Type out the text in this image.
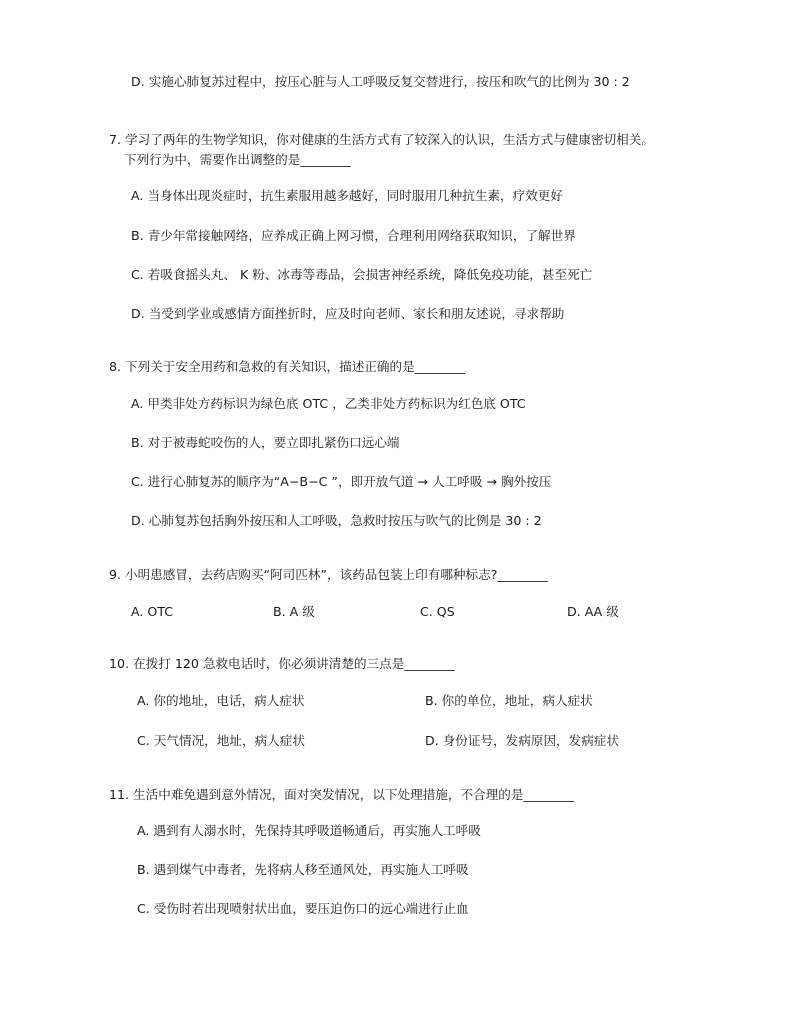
D. 实施心肺复苏过程中，按压心脏与人工呼吸反复交替进行，按压和吹气的比例为 30 : 2
7. 学习了两年的生物学知识，你对健康的生活方式有了较深入的认识，生活方式与健康密切相关。
下列行为中，需要作出调整的是________
A. 当身体出现炎症时，抗生素服用越多越好，同时服用几种抗生素，疗效更好
B. 青少年常接触网络，应养成正确上网习惯，合理利用网络获取知识，了解世界
C. 若吸食摇头丸、 K 粉、冰毒等毒品，会损害神经系统，降低免疫功能，甚至死亡
D. 当受到学业或感情方面挫折时，应及时向老师、家长和朋友述说，寻求帮助
8. 下列关于安全用药和急救的有关知识，描述正确的是________
A. 甲类非处方药标识为绿色底 OTC ，乙类非处方药标识为红色底 OTC
B. 对于被毒蛇咬伤的人，要立即扎紧伤口远心端
C. 进行心肺复苏的顺序为“A−B−C ”，即开放气道 → 人工呼吸 → 胸外按压
D. 心肺复苏包括胸外按压和人工呼吸，急救时按压与吹气的比例是 30 : 2
9. 小明患感冒，去药店购买“阿司匹林”，该药品包装上印有哪种标志?________
A. OTC	B. A 级	C. QS	D. AA 级
10. 在拨打 120 急救电话时，你必须讲清楚的三点是________
A. 你的地址，电话，病人症状	B. 你的单位，地址，病人症状
C. 天气情况，地址，病人症状	D. 身份证号，发病原因，发病症状
11. 生活中难免遇到意外情况，面对突发情况，以下处理措施，不合理的是________
A. 遇到有人溺水时，先保持其呼吸道畅通后，再实施人工呼吸
B. 遇到煤气中毒者，先将病人移至通风处，再实施人工呼吸
C. 受伤时若出现喷射状出血，要压迫伤口的远心端进行止血
